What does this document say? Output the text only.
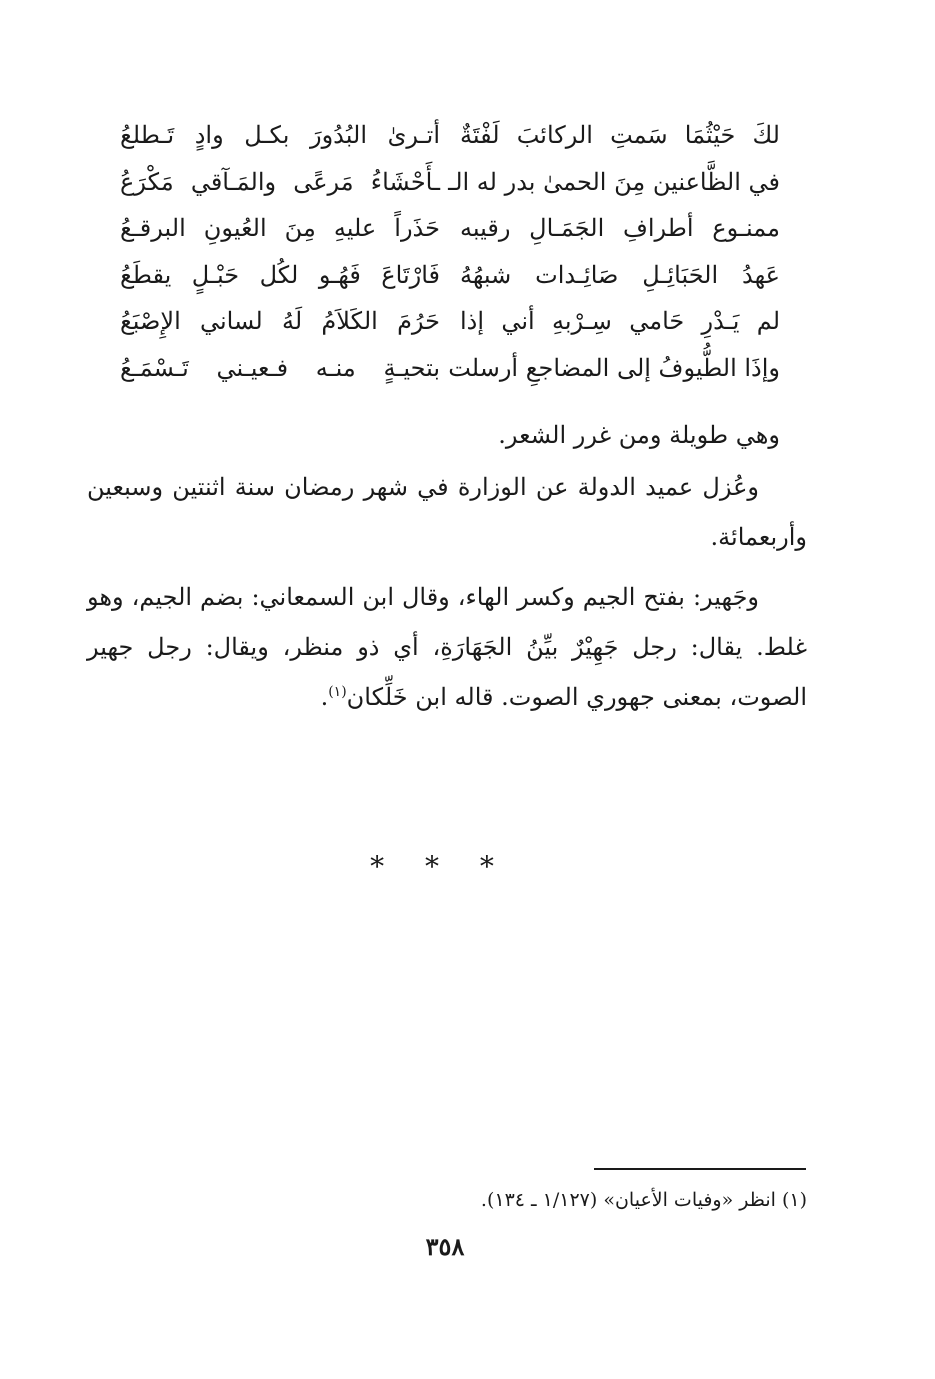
لكَ حَيْثُمَا سَمتِ الركائبَ لَفْتَةٌ
أتـرىٰ البُدُورَ بكـل وادٍ تَـطلعُ
في الظَّاعنين مِنَ الحمىٰ بدر له الـ
ـأَحْشَاءُ مَرعًى والمَـآقي مَكْرَعُ
ممنـوع أطرافِ الجَمَـالِ رقيبه
حَذَراً عليهِ مِنَ العُيونِ البرقـعُ
عَهدُ الحَبَائِـلِ صَائِـدات شبهُهُ
فَارْتَاعَ فَهُـو لكُل حَبْـلٍ يقطَعُ
لم يَـدْرِ حَامي سِـرْبهِ أني إذا
حَرُمَ الكَلاَمُ لَهُ لساني الإِصْبَعُ
وإذَا الطُّيوفُ إلى المضاجعِ أرسلت
بتحيـةٍ منـه فـعيـني تَـسْمَـعُ
وهي طويلة ومن غرر الشعر.
وعُزل عميد الدولة عن الوزارة في شهر رمضان سنة اثنتين وسبعين وأربعمائة.
وجَهير: بفتح الجيم وكسر الهاء، وقال ابن السمعاني: بضم الجيم، وهو غلط. يقال: رجل جَهِيْرٌ بيِّنُ الجَهَارَةِ، أي ذو منظر، ويقال: رجل جهير الصوت، بمعنى جهوري الصوت. قاله ابن خَلِّكان$^{(١)}$.
* * *
(١) انظر «وفيات الأعيان» (١/١٢٧ ـ ١٣٤).
٣٥٨
